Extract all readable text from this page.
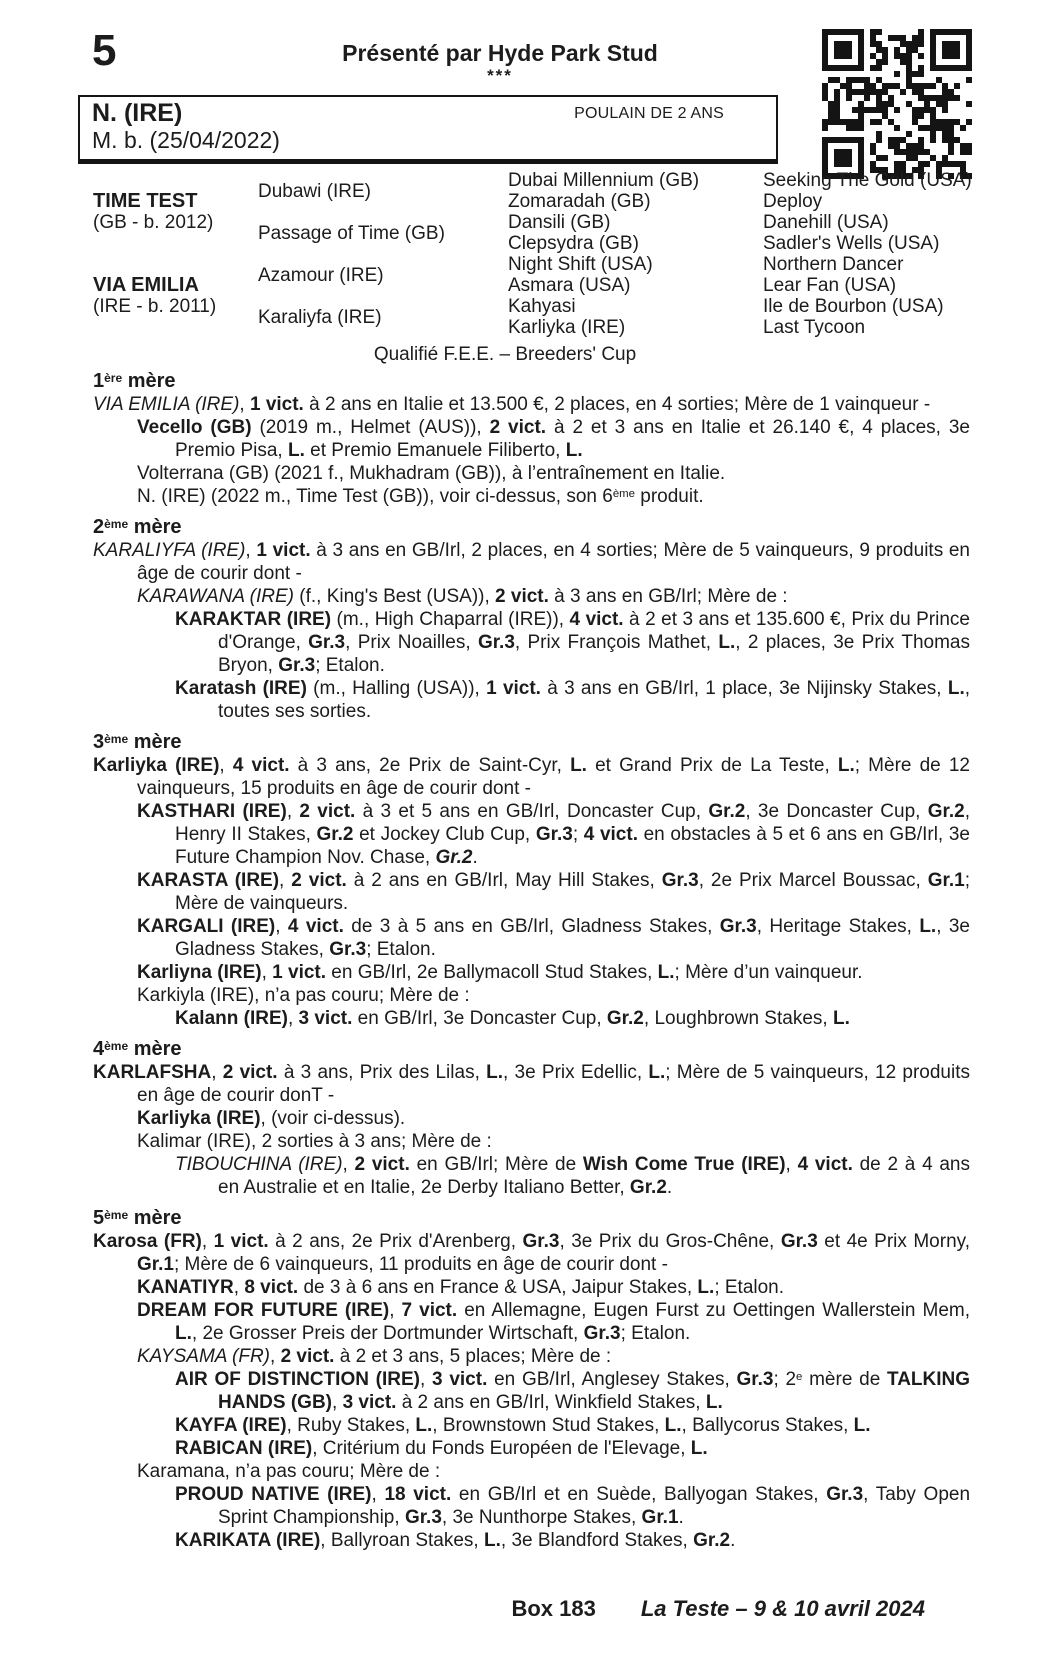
5	Présenté par Hyde Park Stud
***
N. (IRE)	POULAIN DE 2 ANS
M. b. (25/04/2022)
TIME TEST
(GB - b. 2012)
VIA EMILIA
(IRE - b. 2011)
Dubawi (IRE)
Passage of Time (GB)
Azamour (IRE)
Karaliyfa (IRE)
Dubai Millennium (GB)
Zomaradah (GB)
Dansili (GB)
Clepsydra (GB)
Night Shift (USA)
Asmara (USA)
Kahyasi
Karliyka (IRE)
Seeking The Gold (USA)
Deploy
Danehill (USA)
Sadler's Wells (USA)
Northern Dancer
Lear Fan (USA)
Ile de Bourbon (USA)
Last Tycoon
Qualifié F.E.E. – Breeders' Cup
1ère mère

VIA EMILIA (IRE), 1 vict. à 2 ans en Italie et 13.500 €, 2 places, en 4 sorties; Mère de 1 vainqueur -

Vecello (GB) (2019 m., Helmet (AUS)), 2 vict. à 2 et 3 ans en Italie et 26.140 €, 4 places, 3e Premio Pisa, L. et Premio Emanuele Filiberto, L.

Volterrana (GB) (2021 f., Mukhadram (GB)), à l’entraînement en Italie.

N. (IRE) (2022 m., Time Test (GB)), voir ci-dessus, son 6ème produit.

2ème mère

KARALIYFA (IRE), 1 vict. à 3 ans en GB/Irl, 2 places, en 4 sorties; Mère de 5 vainqueurs, 9 produits en âge de courir dont -

KARAWANA (IRE) (f., King's Best (USA)), 2 vict. à 3 ans en GB/Irl; Mère de :

KARAKTAR (IRE) (m., High Chaparral (IRE)), 4 vict. à 2 et 3 ans et 135.600 €, Prix du Prince d'Orange, Gr.3, Prix Noailles, Gr.3, Prix François Mathet, L., 2 places, 3e Prix Thomas Bryon, Gr.3; Etalon.

Karatash (IRE) (m., Halling (USA)), 1 vict. à 3 ans en GB/Irl, 1 place, 3e Nijinsky Stakes, L., toutes ses sorties.

3ème mère

Karliyka (IRE), 4 vict. à 3 ans, 2e Prix de Saint-Cyr, L. et Grand Prix de La Teste, L.; Mère de 12 vainqueurs, 15 produits en âge de courir dont -

KASTHARI (IRE), 2 vict. à 3 et 5 ans en GB/Irl, Doncaster Cup, Gr.2, 3e Doncaster Cup, Gr.2, Henry II Stakes, Gr.2 et Jockey Club Cup, Gr.3; 4 vict. en obstacles à 5 et 6 ans en GB/Irl, 3e Future Champion Nov. Chase, Gr.2.

KARASTA (IRE), 2 vict. à 2 ans en GB/Irl, May Hill Stakes, Gr.3, 2e Prix Marcel Boussac, Gr.1; Mère de vainqueurs.

KARGALI (IRE), 4 vict. de 3 à 5 ans en GB/Irl, Gladness Stakes, Gr.3, Heritage Stakes, L., 3e Gladness Stakes, Gr.3; Etalon.

Karliyna (IRE), 1 vict. en GB/Irl, 2e Ballymacoll Stud Stakes, L.; Mère d’un vainqueur.

Karkiyla (IRE), n’a pas couru; Mère de :

Kalann (IRE), 3 vict. en GB/Irl, 3e Doncaster Cup, Gr.2, Loughbrown Stakes, L.

4ème mère

KARLAFSHA, 2 vict. à 3 ans, Prix des Lilas, L., 3e Prix Edellic, L.; Mère de 5 vainqueurs, 12 produits en âge de courir donT -

Karliyka (IRE), (voir ci-dessus).

Kalimar (IRE), 2 sorties à 3 ans; Mère de :

TIBOUCHINA (IRE), 2 vict. en GB/Irl; Mère de Wish Come True (IRE), 4 vict. de 2 à 4 ans en Australie et en Italie, 2e Derby Italiano Better, Gr.2.

5ème mère

Karosa (FR), 1 vict. à 2 ans, 2e Prix d'Arenberg, Gr.3, 3e Prix du Gros-Chêne, Gr.3 et 4e Prix Morny, Gr.1; Mère de 6 vainqueurs, 11 produits en âge de courir dont -

KANATIYR, 8 vict. de 3 à 6 ans en France & USA, Jaipur Stakes, L.; Etalon.

DREAM FOR FUTURE (IRE), 7 vict. en Allemagne, Eugen Furst zu Oettingen Wallerstein Mem, L., 2e Grosser Preis der Dortmunder Wirtschaft, Gr.3; Etalon.

KAYSAMA (FR), 2 vict. à 2 et 3 ans, 5 places; Mère de :

AIR OF DISTINCTION (IRE), 3 vict. en GB/Irl, Anglesey Stakes, Gr.3; 2e mère de TALKING HANDS (GB), 3 vict. à 2 ans en GB/Irl, Winkfield Stakes, L.

KAYFA (IRE), Ruby Stakes, L., Brownstown Stud Stakes, L., Ballycorus Stakes, L.

RABICAN (IRE), Critérium du Fonds Européen de l'Elevage, L.

Karamana, n’a pas couru; Mère de :

PROUD NATIVE (IRE), 18 vict. en GB/Irl et en Suède, Ballyogan Stakes, Gr.3, Taby Open Sprint Championship, Gr.3, 3e Nunthorpe Stakes, Gr.1.

KARIKATA (IRE), Ballyroan Stakes, L., 3e Blandford Stakes, Gr.2.

Box 183 La Teste – 9 & 10 avril 2024
